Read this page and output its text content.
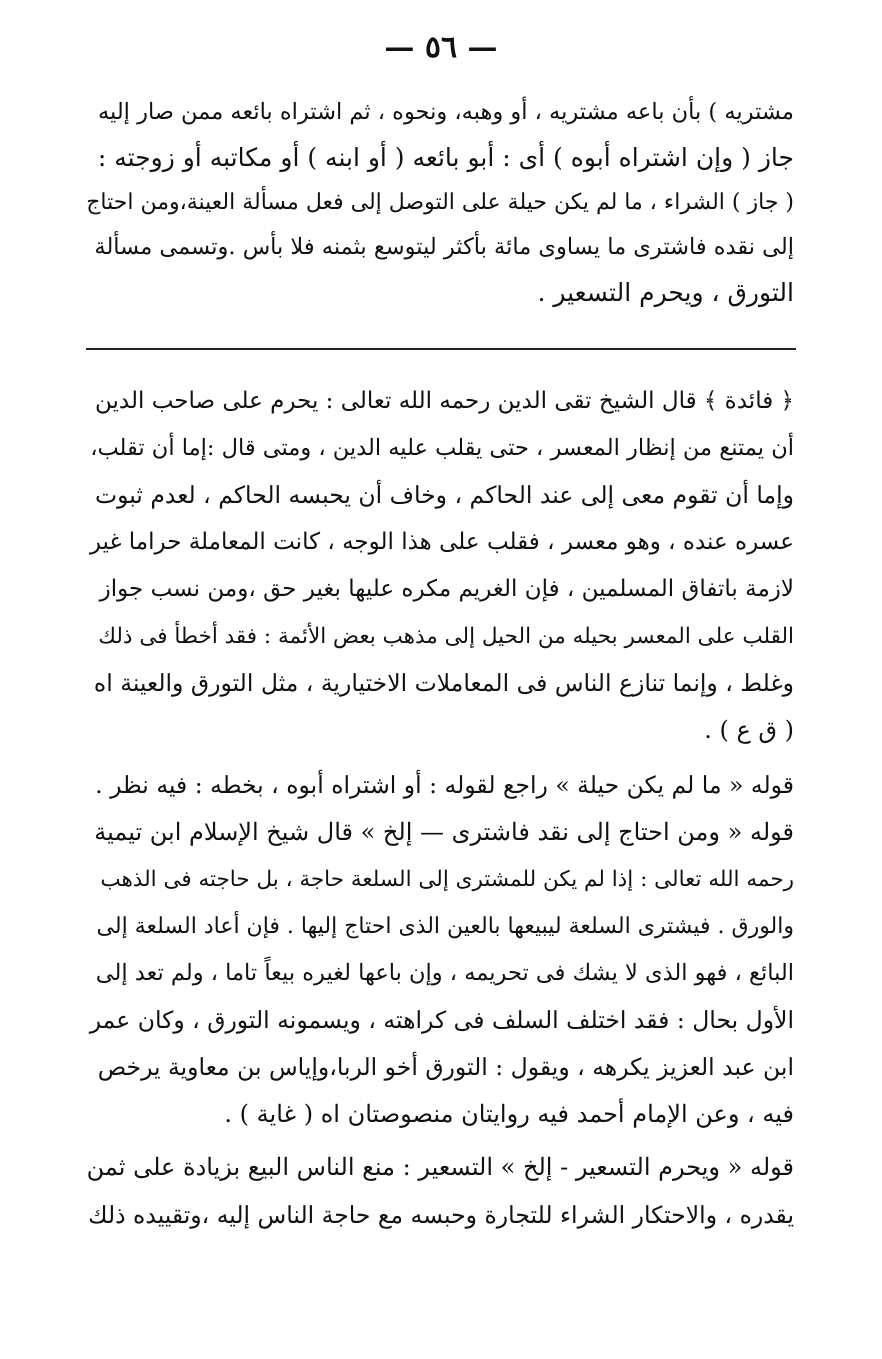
— ٥٦ —
مشتريه ) بأن باعه مشتريه ، أو وهبه، ونحوه ، ثم اشتراه بائعه ممن صار إليه
جاز ( وإن اشتراه أبوه ) أى : أبو بائعه ( أو ابنه ) أو مكاتبه أو زوجته :
( جاز ) الشراء ، ما لم يكن حيلة على التوصل إلى فعل مسألة العينة،ومن احتاج
إلى نقده فاشترى ما يساوى مائة بأكثر ليتوسع بثمنه فلا بأس .وتسمى مسألة
التورق ، ويحرم التسعير .
﴿ فائدة ﴾ قال الشيخ تقى الدين رحمه الله تعالى : يحرم على صاحب الدين
أن يمتنع من إنظار المعسر ، حتى يقلب عليه الدين ، ومتى قال :إما أن تقلب،
وإما أن تقوم معى إلى عند الحاكم ، وخاف أن يحبسه الحاكم ، لعدم ثبوت
عسره عنده ، وهو معسر ، فقلب على هذا الوجه ، كانت المعاملة حراما غير
لازمة باتفاق المسلمين ، فإن الغريم مكره عليها بغير حق ،ومن نسب جواز
القلب على المعسر بحيله من الحيل إلى مذهب بعض الأئمة : فقد أخطأ فى ذلك
وغلط ، وإنما تنازع الناس فى المعاملات الاختيارية ، مثل التورق والعينة اه
( ق ع ) .
قوله « ما لم يكن حيلة » راجع لقوله : أو اشتراه أبوه ، بخطه : فيه نظر .
قوله « ومن احتاج إلى نقد فاشترى — إلخ » قال شيخ الإسلام ابن تيمية
رحمه الله تعالى : إذا لم يكن للمشترى إلى السلعة حاجة ، بل حاجته فى الذهب
والورق . فيشترى السلعة ليبيعها بالعين الذى احتاج إليها . فإن أعاد السلعة إلى
البائع ، فهو الذى لا يشك فى تحريمه ، وإن باعها لغيره بيعاً تاما ، ولم تعد إلى
الأول بحال : فقد اختلف السلف فى كراهته ، ويسمونه التورق ، وكان عمر
ابن عبد العزيز يكرهه ، ويقول : التورق أخو الربا،وإياس بن معاوية يرخص
فيه ، وعن الإمام أحمد فيه روايتان منصوصتان اه ( غاية ) .
قوله « ويحرم التسعير - إلخ » التسعير : منع الناس البيع بزيادة على ثمن
يقدره ، والاحتكار الشراء للتجارة وحبسه مع حاجة الناس إليه ،وتقييده ذلك
